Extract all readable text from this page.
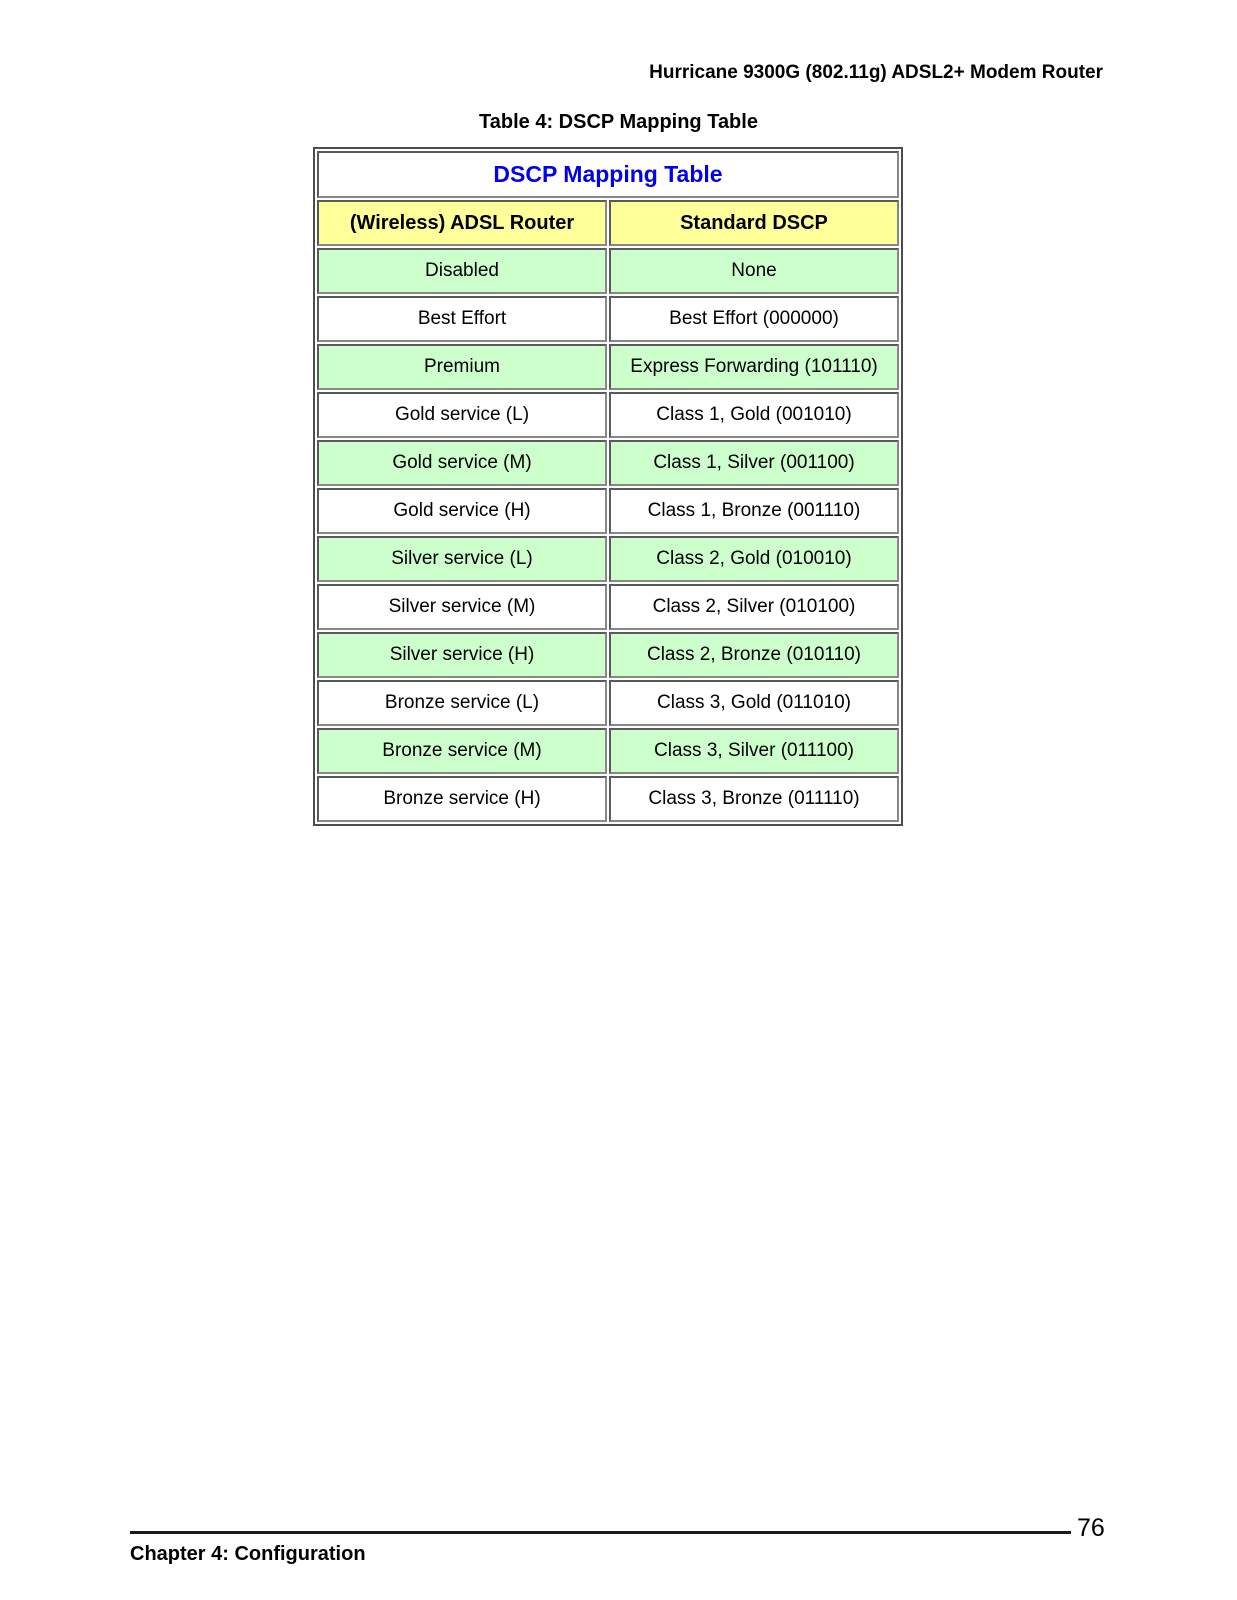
Hurricane 9300G (802.11g) ADSL2+ Modem Router
Table 4: DSCP Mapping Table
DSCP Mapping Table	
(Wireless) ADSL Router	Standard DSCP
Disabled	None
Best Effort	Best Effort (000000)
Premium	Express Forwarding (101110)
Gold service (L)	Class 1, Gold (001010)
Gold service (M)	Class 1, Silver (001100)
Gold service (H)	Class 1, Bronze (001110)
Silver service (L)	Class 2, Gold (010010)
Silver service (M)	Class 2, Silver (010100)
Silver service (H)	Class 2, Bronze (010110)
Bronze service (L)	Class 3, Gold (011010)
Bronze service (M)	Class 3, Silver (011100)
Bronze service (H)	Class 3, Bronze (011110)
76
Chapter 4: Configuration
